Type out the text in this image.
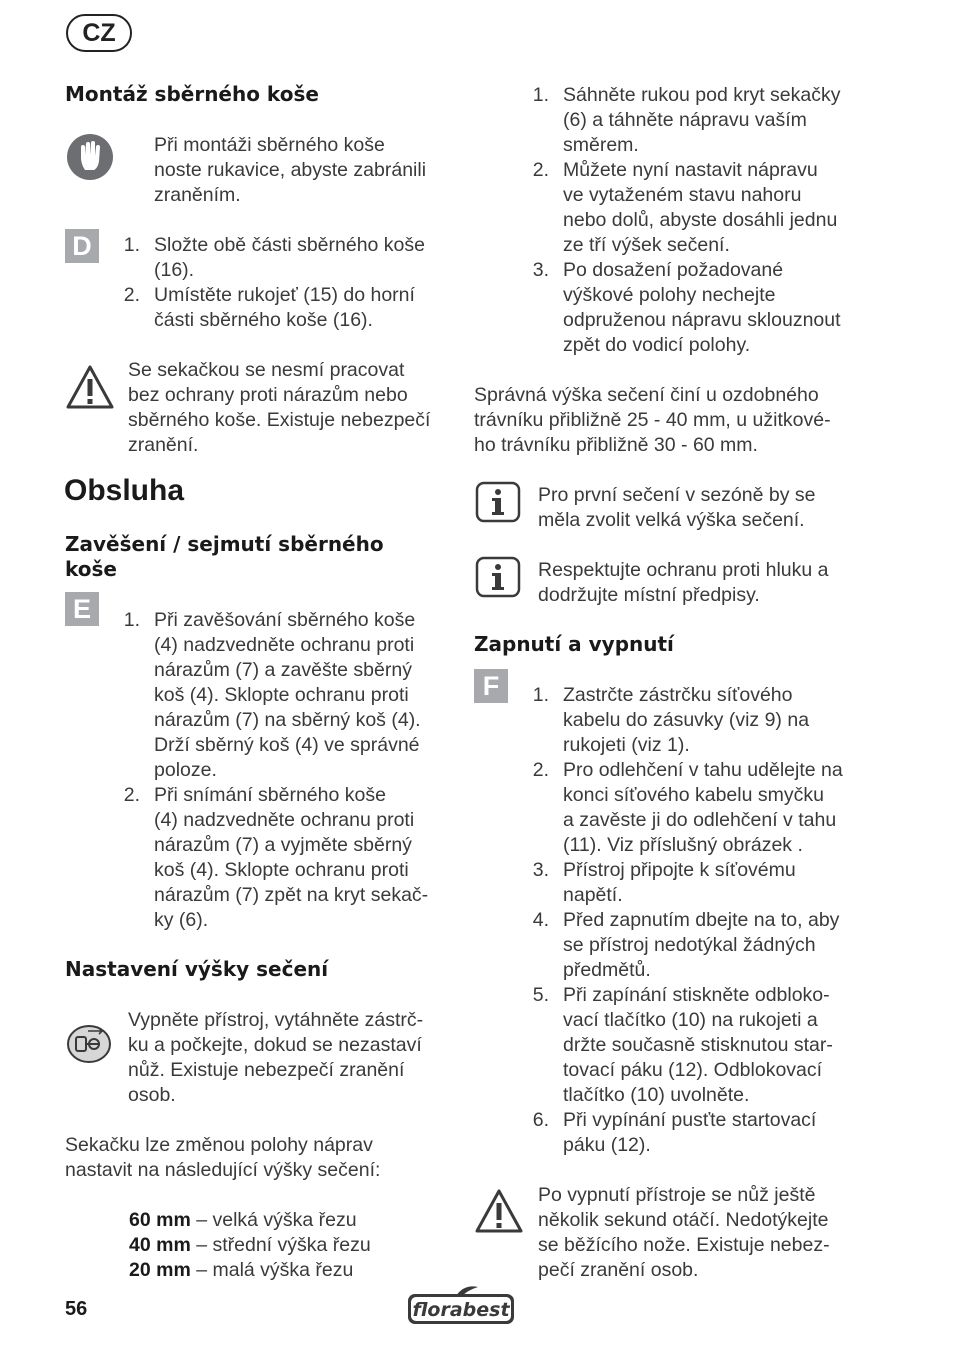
CZ
Montáž sběrného koše
Při montáži sběrného koše
noste rukavice, abyste zabránili
zraněním.
D	1. Složte obě části sběrného koše
(16).
2. Umístěte rukojeť (15) do horní
části sběrného koše (16).
Se sekačkou se nesmí pracovat
bez ochrany proti nárazům nebo
sběrného koše. Existuje nebezpečí
zranění.
Obsluha
Zavěšení / sejmutí sběrného
koše
E	1. Při zavěšování sběrného koše
(4) nadzvedněte ochranu proti
nárazům (7) a zavěšte sběrný
koš (4). Sklopte ochranu proti
nárazům (7) na sběrný koš (4).
Drží sběrný koš (4) ve správné
poloze.
2. Při snímání sběrného koše
(4) nadzvedněte ochranu proti
nárazům (7) a vyjměte sběrný
koš (4). Sklopte ochranu proti
nárazům (7) zpět na kryt sekač-
ky (6).
Nastavení výšky sečení
Vypněte přístroj, vytáhněte zástrč-
ku a počkejte, dokud se nezastaví
nůž. Existuje nebezpečí zranění
osob.
Sekačku lze změnou polohy náprav
nastavit na následující výšky sečení:
60 mm – velká výška řezu
40 mm – střední výška řezu
20 mm – malá výška řezu
1. Sáhněte rukou pod kryt sekačky
(6) a táhněte nápravu vaším
směrem.
2. Můžete nyní nastavit nápravu
ve vytaženém stavu nahoru
nebo dolů, abyste dosáhli jednu
ze tří výšek sečení.
3. Po dosažení požadované
výškové polohy nechejte
odpruženou nápravu sklouznout
zpět do vodicí polohy.
Správná výška sečení činí u ozdobného
trávníku přibližně 25 - 40 mm, u užitkové-
ho trávníku přibližně 30 - 60 mm.
Pro první sečení v sezóně by se
měla zvolit velká výška sečení.
Respektujte ochranu proti hluku a
dodržujte místní předpisy.
Zapnutí a vypnutí
F	1. Zastrčte zástrčku síťového
kabelu do zásuvky (viz 9) na
rukojeti (viz 1).
2. Pro odlehčení v tahu udělejte na
konci síťového kabelu smyčku
a zavěste ji do odlehčení v tahu
(11). Viz příslušný obrázek .
3. Přístroj připojte k síťovému
napětí.
4. Před zapnutím dbejte na to, aby
se přístroj nedotýkal žádných
předmětů.
5. Při zapínání stiskněte odbloko-
vací tlačítko (10) na rukojeti a
držte současně stisknutou star-
tovací páku (12). Odblokovací
tlačítko (10) uvolněte.
6. Při vypínání pusťte startovací
páku (12).
Po vypnutí přístroje se nůž ještě
několik sekund otáčí. Nedotýkejte
se běžícího nože. Existuje nebez-
pečí zranění osob.
56	florabest
